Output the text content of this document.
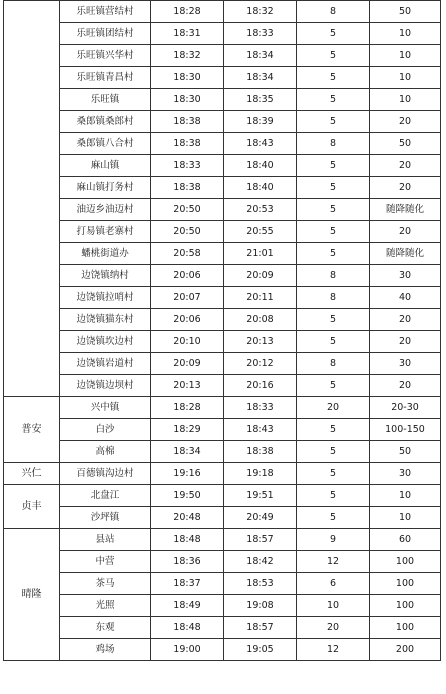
	乐旺镇营结村	18:28	18:32	8	50
	乐旺镇团结村	18:31	18:33	5	10
	乐旺镇兴华村	18:32	18:34	5	10
	乐旺镇青昌村	18:30	18:34	5	10
	乐旺镇	18:30	18:35	5	10
	桑郎镇桑郎村	18:38	18:39	5	20
	桑郎镇八合村	18:38	18:43	8	50
	麻山镇	18:33	18:40	5	20
	麻山镇打务村	18:38	18:40	5	20
	油迈乡油迈村	20:50	20:53	5	随降随化
	打易镇老寨村	20:50	20:55	5	20
	蟠桃街道办	20:58	21:01	5	随降随化
	边饶镇纳村	20:06	20:09	8	30
	边饶镇拉哨村	20:07	20:11	8	40
	边饶镇猫东村	20:06	20:08	5	20
	边饶镇坎边村	20:10	20:13	5	20
	边饶镇岩道村	20:09	20:12	8	30
	边饶镇边坝村	20:13	20:16	5	20
普安	兴中镇	18:28	18:33	20	20-30
	白沙	18:29	18:43	5	100-150
	高棉	18:34	18:38	5	50
兴仁	百德镇沟边村	19:16	19:18	5	30
贞丰	北盘江	19:50	19:51	5	10
	沙坪镇	20:48	20:49	5	10
晴隆	县站	18:48	18:57	9	60
	中营	18:36	18:42	12	100
	茶马	18:37	18:53	6	100
	光照	18:49	19:08	10	100
	东观	18:48	18:57	20	100
	鸡场	19:00	19:05	12	200
